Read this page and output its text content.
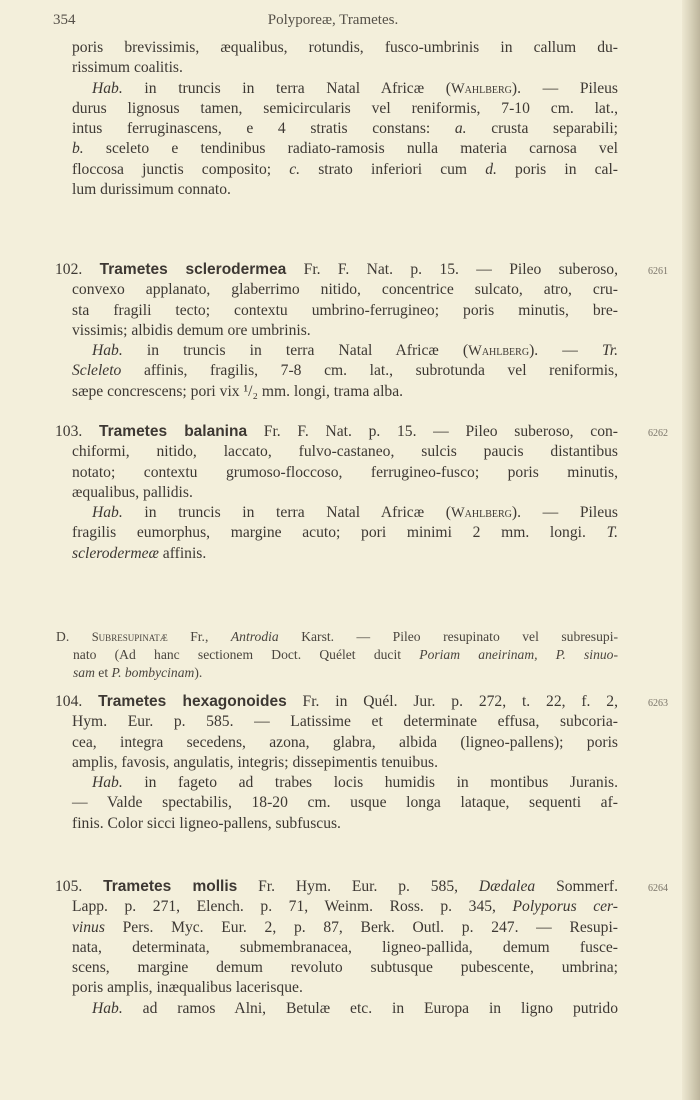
354	Polyporeæ, Trametes.
poris brevissimis, æqualibus, rotundis, fusco-umbrinis in callum du-
rissimum coalitis.
Hab. in truncis in terra Natal Africæ (Wahlberg). — Pileus
durus lignosus tamen, semicircularis vel reniformis, 7-10 cm. lat.,
intus ferruginascens, e 4 stratis constans: a. crusta separabili;
b. sceleto e tendinibus radiato-ramosis nulla materia carnosa vel
floccosa junctis composito; c. strato inferiori cum d. poris in cal-
lum durissimum connato.
6261
102. Trametes sclerodermea Fr. F. Nat. p. 15. — Pileo suberoso,
convexo applanato, glaberrimo nitido, concentrice sulcato, atro, cru-
sta fragili tecto; contextu umbrino-ferrugineo; poris minutis, bre-
vissimis; albidis demum ore umbrinis.
Hab. in truncis in terra Natal Africæ (Wahlberg). — Tr.
Scleleto affinis, fragilis, 7-8 cm. lat., subrotunda vel reniformis,
sæpe concrescens; pori vix ¹/₂ mm. longi, trama alba.
6262
103. Trametes balanina Fr. F. Nat. p. 15. — Pileo suberoso, con-
chiformi, nitido, laccato, fulvo-castaneo, sulcis paucis distantibus
notato; contextu grumoso-floccoso, ferrugineo-fusco; poris minutis,
æqualibus, pallidis.
Hab. in truncis in terra Natal Africæ (Wahlberg). — Pileus
fragilis eumorphus, margine acuto; pori minimi 2 mm. longi. T.
sclerodermeæ affinis.
D. Subresupinatæ Fr., Antrodia Karst. — Pileo resupinato vel subresupi-
nato (Ad hanc sectionem Doct. Quélet ducit Poriam aneirinam, P. sinuo-
sam et P. bombycinam).
6263
104. Trametes hexagonoides Fr. in Quél. Jur. p. 272, t. 22, f. 2,
Hym. Eur. p. 585. — Latissime et determinate effusa, subcoria-
cea, integra secedens, azona, glabra, albida (ligneo-pallens); poris
amplis, favosis, angulatis, integris; dissepimentis tenuibus.
Hab. in fageto ad trabes locis humidis in montibus Juranis.
— Valde spectabilis, 18-20 cm. usque longa lataque, sequenti af-
finis. Color sicci ligneo-pallens, subfuscus.
6264
105. Trametes mollis Fr. Hym. Eur. p. 585, Dædalea Sommerf.
Lapp. p. 271, Elench. p. 71, Weinm. Ross. p. 345, Polyporus cer-
vinus Pers. Myc. Eur. 2, p. 87, Berk. Outl. p. 247. — Resupi-
nata, determinata, submembranacea, ligneo-pallida, demum fusce-
scens, margine demum revoluto subtusque pubescente, umbrina;
poris amplis, inæqualibus lacerisque.
Hab. ad ramos Alni, Betulæ etc. in Europa in ligno putrido
